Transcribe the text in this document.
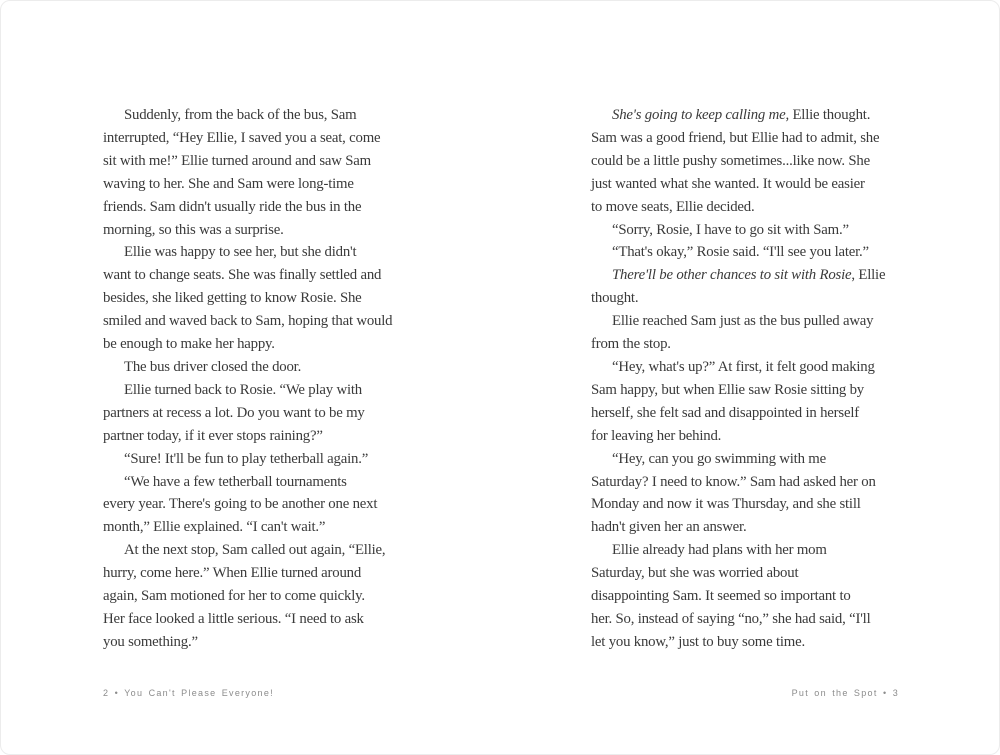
Suddenly, from the back of the bus, Sam
interrupted, “Hey Ellie, I saved you a seat, come
sit with me!” Ellie turned around and saw Sam
waving to her. She and Sam were long-time
friends. Sam didn't usually ride the bus in the
morning, so this was a surprise.
Ellie was happy to see her, but she didn't
want to change seats. She was finally settled and
besides, she liked getting to know Rosie. She
smiled and waved back to Sam, hoping that would
be enough to make her happy.
The bus driver closed the door.
Ellie turned back to Rosie. “We play with
partners at recess a lot. Do you want to be my
partner today, if it ever stops raining?”
“Sure! It'll be fun to play tetherball again.”
“We have a few tetherball tournaments
every year. There's going to be another one next
month,” Ellie explained. “I can't wait.”
At the next stop, Sam called out again, “Ellie,
hurry, come here.” When Ellie turned around
again, Sam motioned for her to come quickly.
Her face looked a little serious. “I need to ask
you something.”
She's going to keep calling me, Ellie thought.
Sam was a good friend, but Ellie had to admit, she
could be a little pushy sometimes...like now. She
just wanted what she wanted. It would be easier
to move seats, Ellie decided.
“Sorry, Rosie, I have to go sit with Sam.”
“That's okay,” Rosie said. “I'll see you later.”
There'll be other chances to sit with Rosie, Ellie
thought.
Ellie reached Sam just as the bus pulled away
from the stop.
“Hey, what's up?” At first, it felt good making
Sam happy, but when Ellie saw Rosie sitting by
herself, she felt sad and disappointed in herself
for leaving her behind.
“Hey, can you go swimming with me
Saturday? I need to know.” Sam had asked her on
Monday and now it was Thursday, and she still
hadn't given her an answer.
Ellie already had plans with her mom
Saturday, but she was worried about
disappointing Sam. It seemed so important to
her. So, instead of saying “no,” she had said, “I'll
let you know,” just to buy some time.
2 • You Can't Please Everyone!	Put on the Spot • 3
